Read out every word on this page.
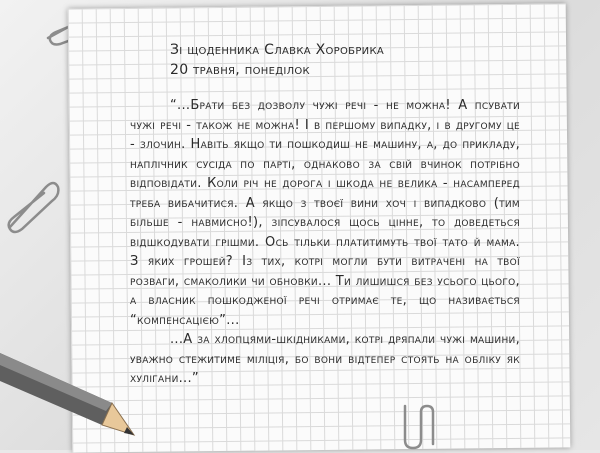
Зі щоденника Славка Хоробрика
20 травня, понеділок

“...Брати без дозволу чужі речі - не можна! А псувати чужі речі - також не можна! І в першому випадку, і в другому це - злочин. Навіть якщо ти пошкодиш не машину, а, до прикладу, наплічник сусіда по парті, однаково за свій вчинок потрібно відповідати. Коли річ не дорога і шкода не велика - насамперед треба вибачитися. А якщо з твоєї вини хоч і випадково (тим більше - навмисно!), зіпсувалося щось цінне, то доведеться відшкодувати грішми. Ось тільки платитимуть твої тато й мама. З яких грошей? Із тих, котрі могли бути витрачені на твої розваги, смаколики чи обновки... Ти лишишся без усього цього, а власник пошкодженої речі отримає те, що називається “компенсацією”...

...А за хлопцями-шкідниками, котрі дряпали чужі машини, уважно стежитиме міліція, бо вони відтепер стоять на обліку як хулігани...”
